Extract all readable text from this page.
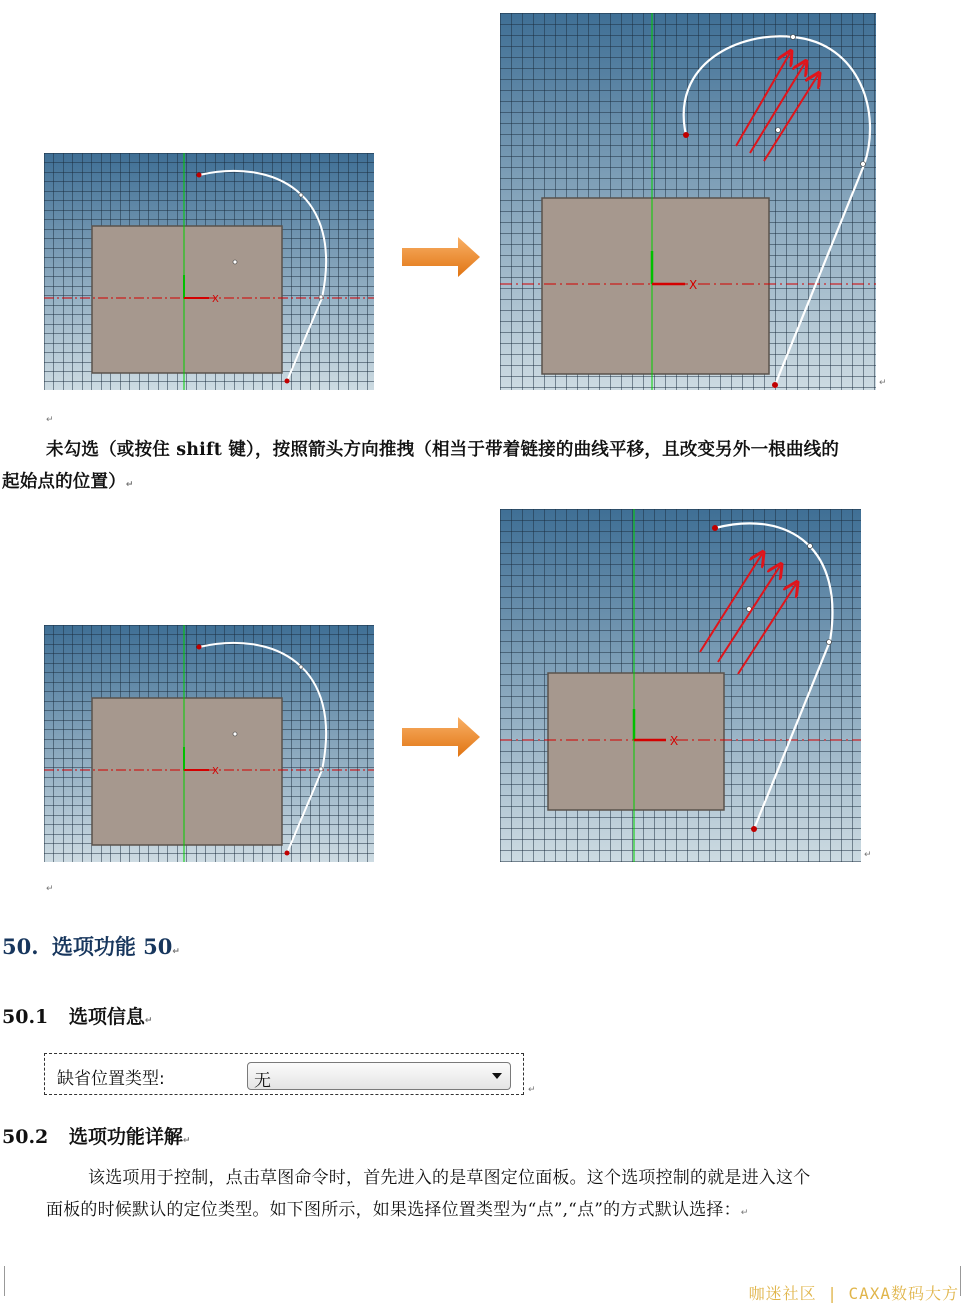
X
X
↵
↵
未勾选（或按住 shift 键），按照箭头方向推拽（相当于带着链接的曲线平移，且改变另外一根曲线的
起始点的位置）↵
X
X
↵
↵
50. 选项功能 50↵
50.1 选项信息↵
缺省位置类型:	无	↵
50.2 选项功能详解↵
该选项用于控制，点击草图命令时，首先进入的是草图定位面板。这个选项控制的就是进入这个
面板的时候默认的定位类型。如下图所示，如果选择位置类型为“点”,“点”的方式默认选择：↵
咖迷社区 | CAXA数码大方
